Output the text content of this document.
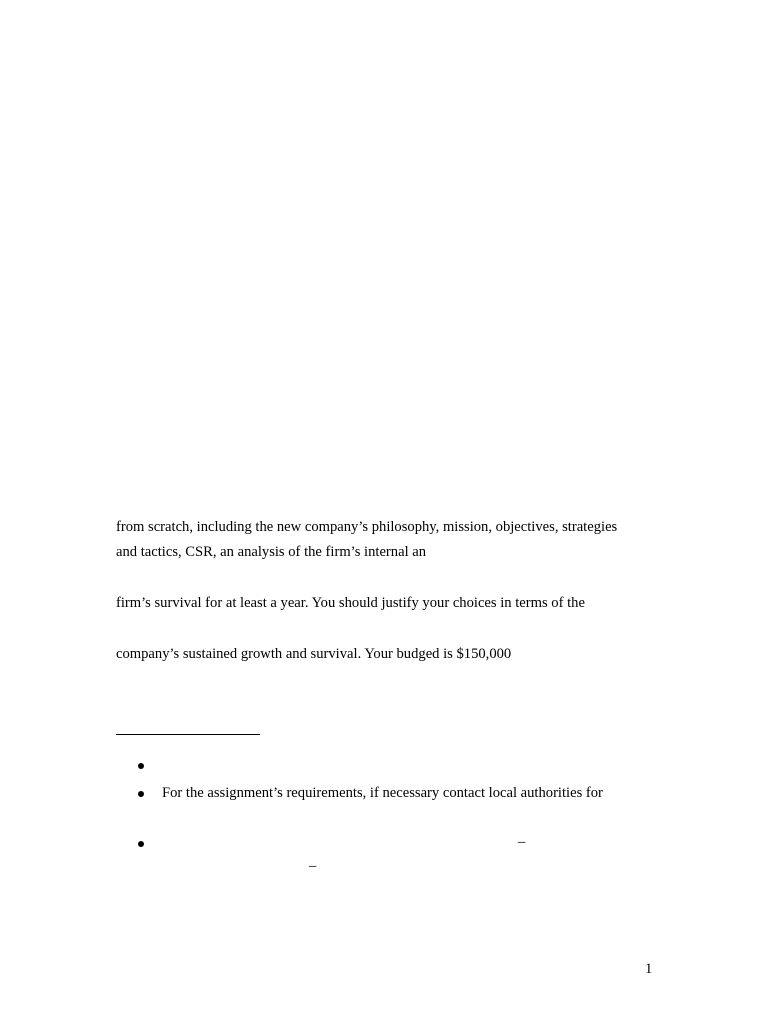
from scratch, including the new company’s philosophy, mission, objectives, strategies
and tactics, CSR, an analysis of the firm’s internal an
firm’s survival for at least a year. You should justify your choices in terms of the
company’s sustained growth and survival. Your budged is $150,000
For the assignment’s requirements, if necessary contact local authorities for
–
–
1
